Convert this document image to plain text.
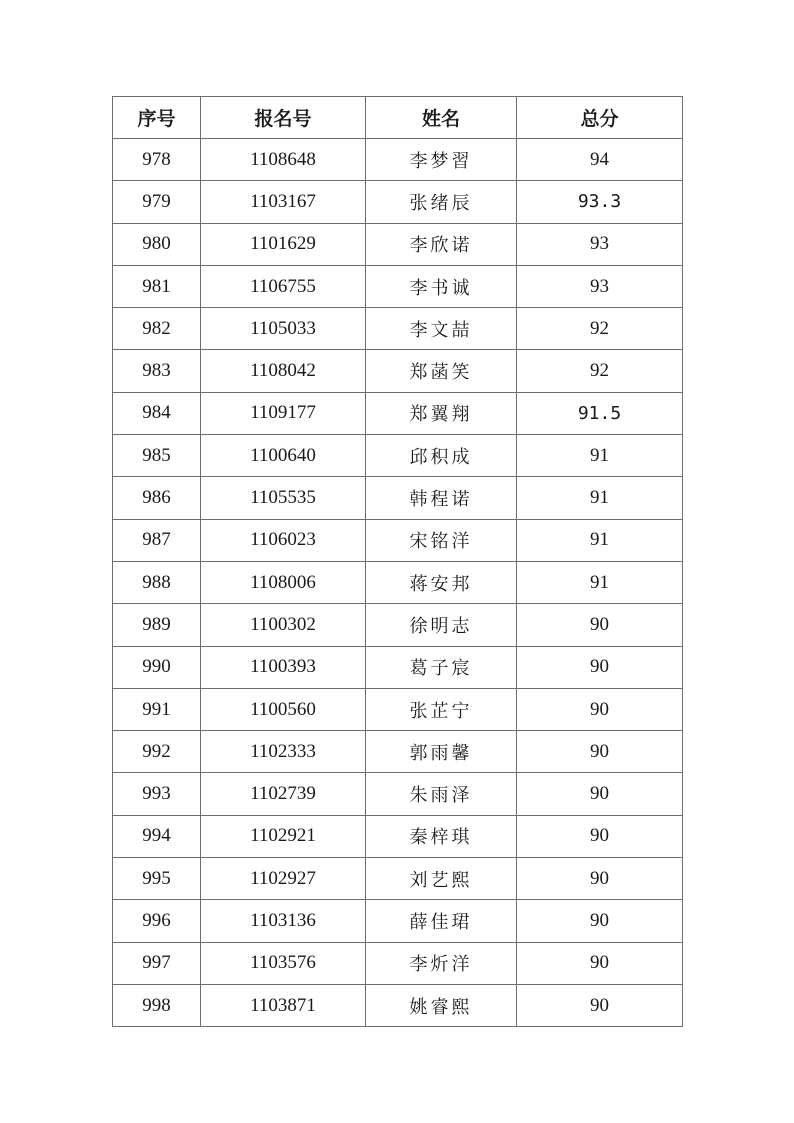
序号	报名号	姓名	总分
978	1108648	李梦習	94
979	1103167	张绪辰	93.3
980	1101629	李欣诺	93
981	1106755	李书诚	93
982	1105033	李文喆	92
983	1108042	郑菡笑	92
984	1109177	郑翼翔	91.5
985	1100640	邱积成	91
986	1105535	韩程诺	91
987	1106023	宋铭洋	91
988	1108006	蒋安邦	91
989	1100302	徐明志	90
990	1100393	葛子宸	90
991	1100560	张芷宁	90
992	1102333	郭雨馨	90
993	1102739	朱雨泽	90
994	1102921	秦梓琪	90
995	1102927	刘艺熙	90
996	1103136	薛佳珺	90
997	1103576	李炘洋	90
998	1103871	姚睿熙	90
